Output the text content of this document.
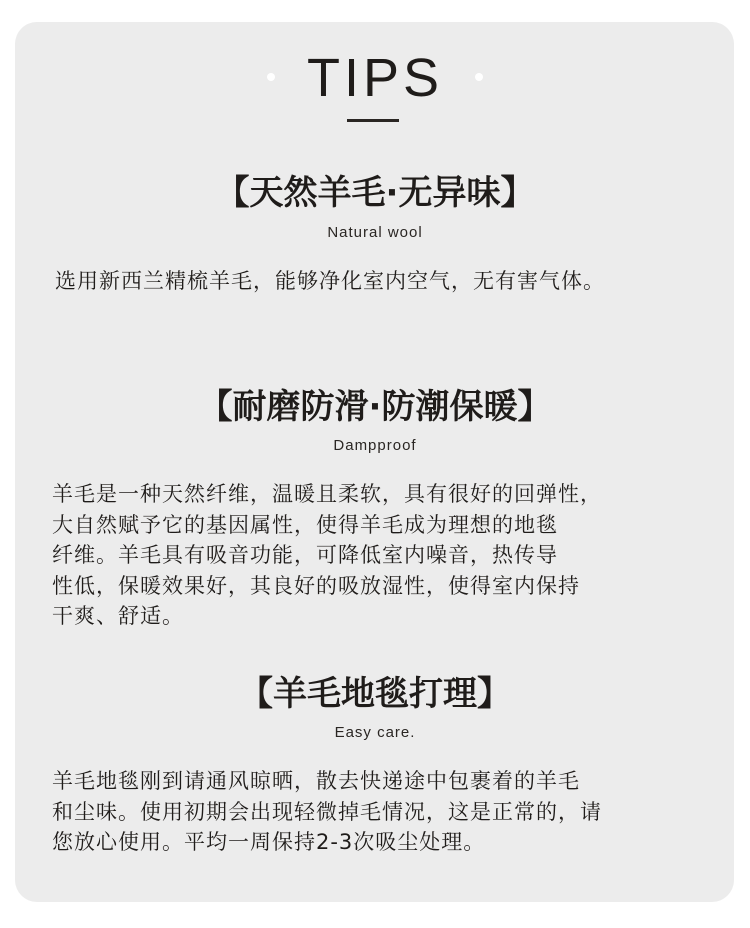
TIPS
【天然羊毛·无异味】
Natural wool
选用新西兰精梳羊毛，能够净化室内空气，无有害气体。
【耐磨防滑·防潮保暖】
Dampproof
羊毛是一种天然纤维，温暖且柔软，具有很好的回弹性，
大自然赋予它的基因属性，使得羊毛成为理想的地毯
纤维。羊毛具有吸音功能，可降低室内噪音，热传导
性低，保暖效果好，其良好的吸放湿性，使得室内保持
干爽、舒适。
【羊毛地毯打理】
Easy care.
羊毛地毯刚到请通风晾晒，散去快递途中包裹着的羊毛
和尘味。使用初期会出现轻微掉毛情况，这是正常的，请
您放心使用。平均一周保持2-3次吸尘处理。
